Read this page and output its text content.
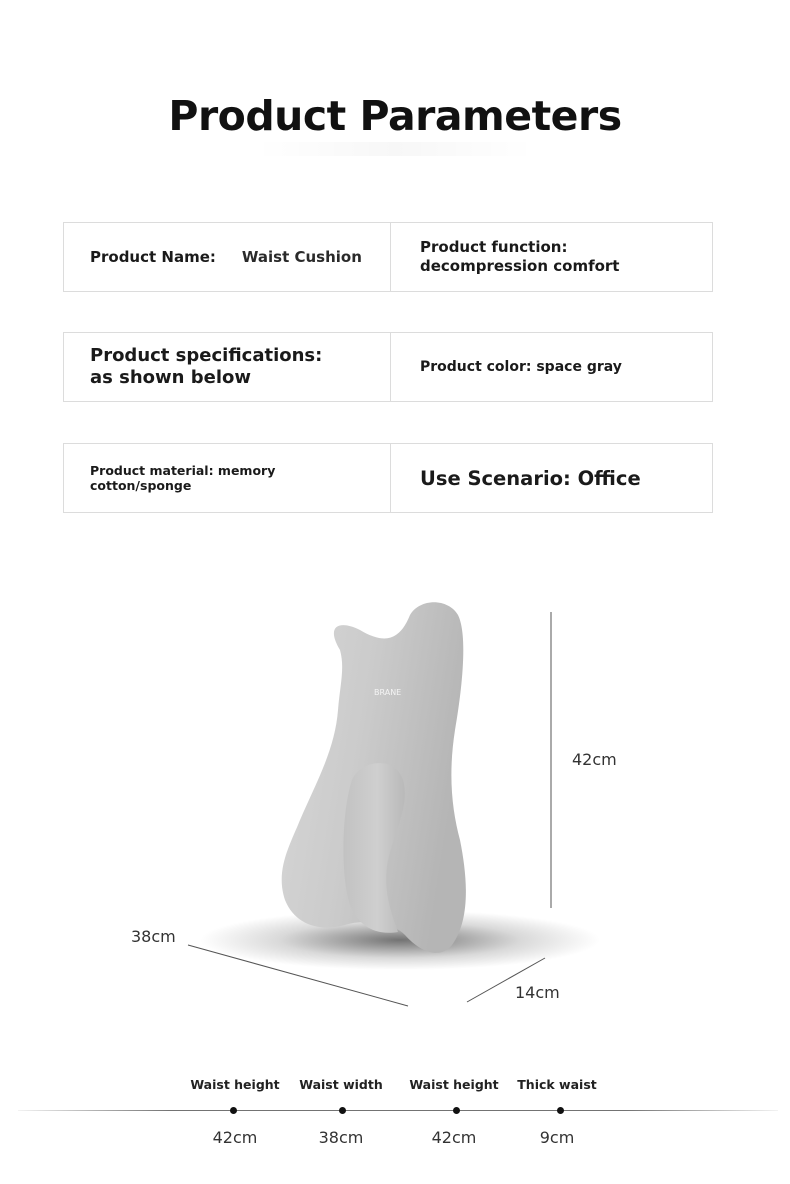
Product Parameters
Product Name: Waist Cushion
Product function:
decompression comfort
Product specifications:
as shown below	Product color: space gray
Product material: memory cotton/sponge	Use Scenario: Office
BRANE
42cm
38cm
14cm
Waist height
42cm
Waist width
38cm
Waist height
42cm
Thick waist
9cm
